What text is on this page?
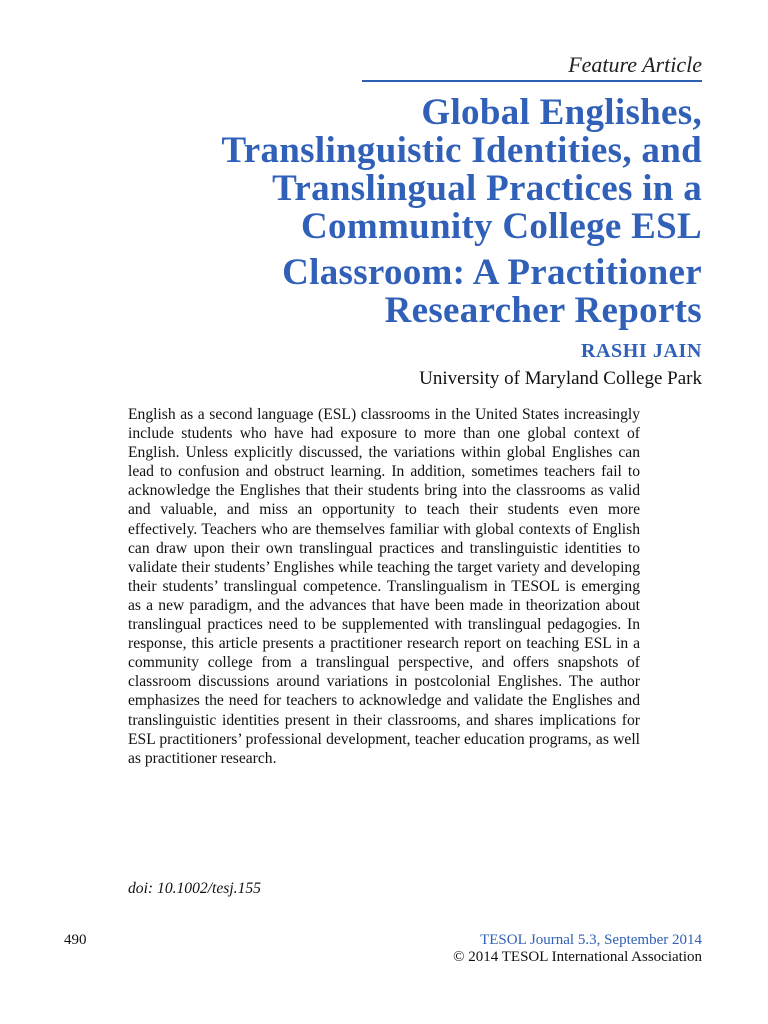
Feature Article
Global Englishes,
Translinguistic Identities, and
Translingual Practices in a
Community College ESL
Classroom: A Practitioner
Researcher Reports
RASHI JAIN
University of Maryland College Park

English as a second language (ESL) classrooms in the United States increasingly include students who have had exposure to more than one global context of English. Unless explicitly discussed, the variations within global Englishes can lead to confusion and obstruct learning. In addition, sometimes teachers fail to acknowledge the Englishes that their students bring into the classrooms as valid and valuable, and miss an opportunity to teach their students even more effectively. Teachers who are themselves familiar with global contexts of English can draw upon their own translingual practices and translinguistic identities to validate their students’ Englishes while teaching the target variety and developing their students’ translingual competence. Translingualism in TESOL is emerging as a new paradigm, and the advances that have been made in theorization about translingual practices need to be supplemented with translingual pedagogies. In response, this article presents a practitioner research report on teaching ESL in a community college from a translingual perspective, and offers snapshots of classroom discussions around variations in postcolonial Englishes. The author emphasizes the need for teachers to acknowledge and validate the Englishes and translinguistic identities present in their classrooms, and shares implications for ESL practitioners’ professional development, teacher education programs, as well as practitioner research.

doi: 10.1002/tesj.155
490	TESOL Journal 5.3, September 2014
© 2014 TESOL International Association
